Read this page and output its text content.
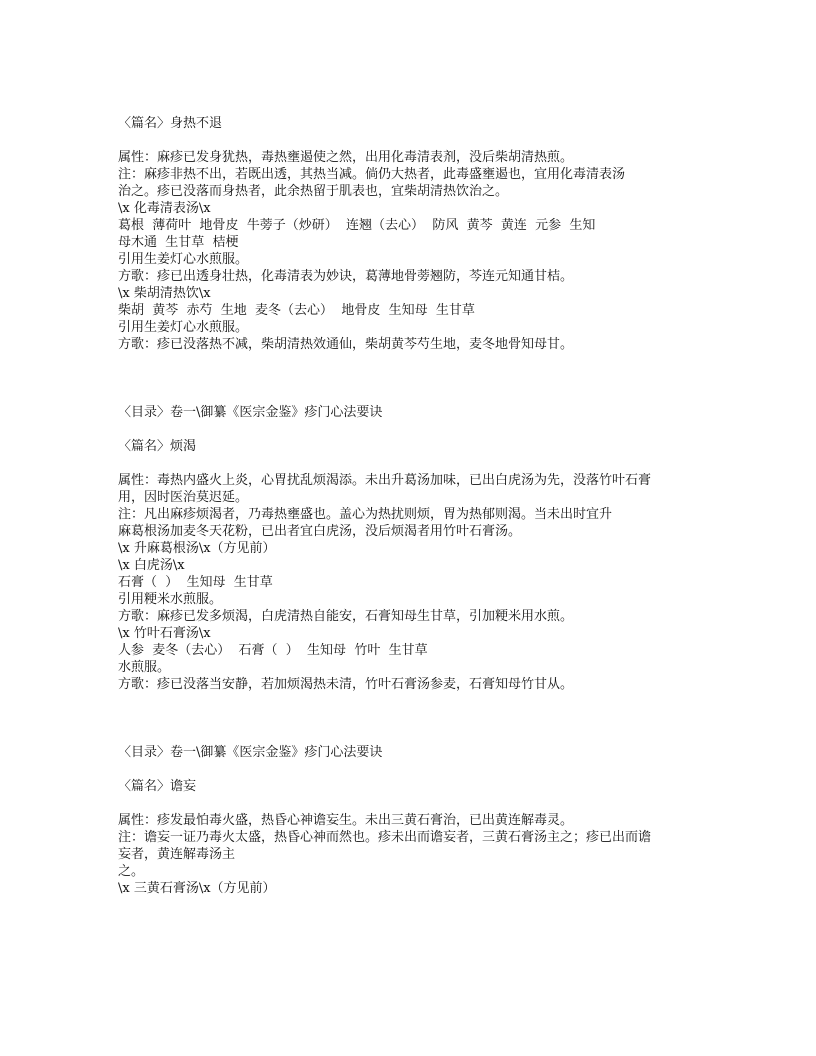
〈篇名〉身热不退

属性：麻疹已发身犹热，毒热壅遏使之然，出用化毒清表剂，没后柴胡清热煎。

注：麻疹非热不出，若既出透，其热当减。倘仍大热者，此毒盛壅遏也，宜用化毒清表汤

治之。疹已没落而身热者，此余热留于肌表也，宜柴胡清热饮治之。

\x 化毒清表汤\x

葛根  薄荷叶  地骨皮  牛蒡子（炒研）  连翘（去心）  防风  黄芩  黄连  元参  生知

母木通  生甘草  桔梗

引用生姜灯心水煎服。

方歌：疹已出透身壮热，化毒清表为妙诀，葛薄地骨蒡翘防，芩连元知通甘桔。

\x 柴胡清热饮\x

柴胡  黄芩  赤芍  生地  麦冬（去心）  地骨皮  生知母  生甘草

引用生姜灯心水煎服。

方歌：疹已没落热不减，柴胡清热效通仙，柴胡黄芩芍生地，麦冬地骨知母甘。

〈目录〉卷一\御纂《医宗金鉴》疹门心法要诀

〈篇名〉烦渴

属性：毒热内盛火上炎，心胃扰乱烦渴添。未出升葛汤加味，已出白虎汤为先，没落竹叶石膏

用，因时医治莫迟延。

注：凡出麻疹烦渴者，乃毒热壅盛也。盖心为热扰则烦，胃为热郁则渴。当未出时宜升

麻葛根汤加麦冬天花粉，已出者宜白虎汤，没后烦渴者用竹叶石膏汤。

\x 升麻葛根汤\x（方见前）

\x 白虎汤\x

石膏（  ）  生知母  生甘草

引用粳米水煎服。

方歌：麻疹已发多烦渴，白虎清热自能安，石膏知母生甘草，引加粳米用水煎。

\x 竹叶石膏汤\x

人参  麦冬（去心）  石膏（  ）  生知母  竹叶  生甘草

水煎服。

方歌：疹已没落当安静，若加烦渴热未清，竹叶石膏汤参麦，石膏知母竹甘从。

〈目录〉卷一\御纂《医宗金鉴》疹门心法要诀

〈篇名〉谵妄

属性：疹发最怕毒火盛，热昏心神谵妄生。未出三黄石膏治，已出黄连解毒灵。

注：谵妄一证乃毒火太盛，热昏心神而然也。疹未出而谵妄者，三黄石膏汤主之；疹已出而谵

妄者，黄连解毒汤主

之。

\x 三黄石膏汤\x（方见前）
